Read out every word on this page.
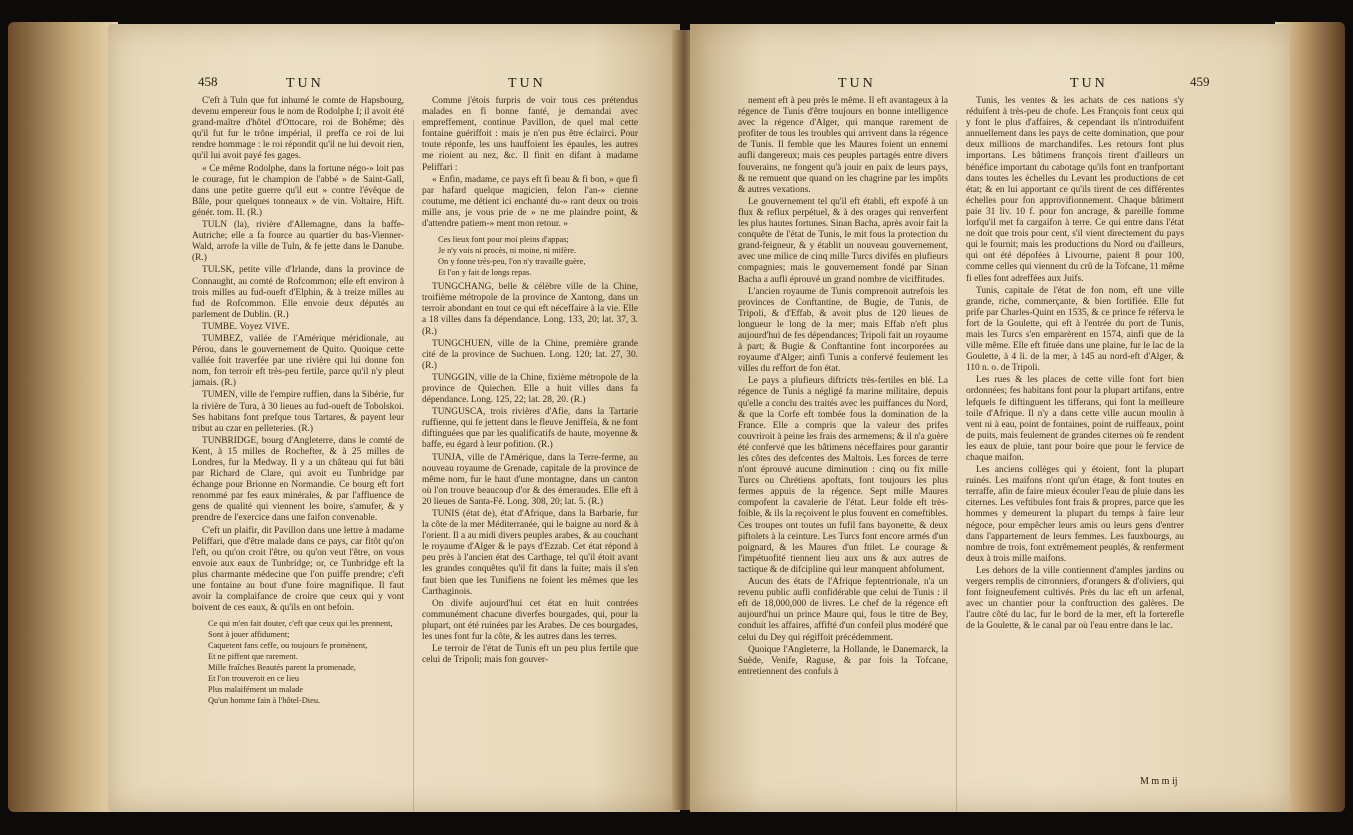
458	TUN	TUN

C'eft à Tuln que fut inhumé le comte de Hapsbourg, devenu empereur fous le nom de Rodolphe I; il avoit été grand-maître d'hôtel d'Ottocare, roi de Bohême; dès qu'il fut fur le trône impérial, il preffa ce roi de lui rendre hommage : le roi répondit qu'il ne lui devoit rien, qu'il lui avoit payé fes gages.

« Ce même Rodolphe, dans la fortune négo-» loit pas le courage, fut le champion de l'abbé » de Saint-Gall, dans une petite guerre qu'il eut » contre l'évêque de Bâle, pour quelques tonneaux » de vin. Voltaire, Hift. génér. tom. II. (R.)

TULN (la), rivière d'Allemagne, dans la baffe-Autriche; elle a fa fource au quartier du bas-Vienner-Wald, arrofe la ville de Tuln, & fe jette dans le Danube. (R.)

TULSK, petite ville d'Irlande, dans la province de Connaught, au comté de Rofcommon; elle eft environ à trois milles au fud-oueft d'Elphin, & à treize milles au fud de Rofcommon. Elle envoie deux députés au parlement de Dublin. (R.)

TUMBE. Voyez VIVE.

TUMBEZ, vallée de l'Amérique méridionale, au Pérou, dans le gouvernement de Quito. Quoique cette vallée foit traverfée par une rivière qui lui donne fon nom, fon terroir eft très-peu fertile, parce qu'il n'y pleut jamais. (R.)

TUMEN, ville de l'empire ruffien, dans la Sibérie, fur la rivière de Tura, à 30 lieues au fud-oueft de Tobolskoi. Ses habitans font prefque tous Tartares, & payent leur tribut au czar en pelleteries. (R.)

TUNBRIDGE, bourg d'Angleterre, dans le comté de Kent, à 15 milles de Rochefter, & à 25 milles de Londres, fur la Medway. Il y a un château qui fut bâti par Richard de Clare, qui avoit eu Tunbridge par échange pour Brionne en Normandie. Ce bourg eft fort renommé par fes eaux minérales, & par l'affluence de gens de qualité qui viennent les boire, s'amufer, & y prendre de l'exercice dans une faifon convenable.

C'eft un plaifir, dit Pavillon dans une lettre à madame Peliffari, que d'être malade dans ce pays, car fitôt qu'on l'eft, ou qu'on croit l'être, ou qu'on veut l'être, on vous envoie aux eaux de Tunbridge; or, ce Tunbridge eft la plus charmante médecine que l'on puiffe prendre; c'eft une fontaine au bout d'une foire magnifique. Il faut avoir la complaifance de croire que ceux qui y vont boivent de ces eaux, & qu'ils en ont befoin.

Ce qui m'en fait douter, c'eft que ceux qui les prennent,
Sont à jouer affidument;
Caquetent fans ceffe, ou toujours fe promènent,
Et ne piffent que rarement.
Mille fraîches Beautés parent la promenade,
Et l'on trouveroit en ce lieu
Plus malaifément un malade
Qu'un homme fain à l'hôtel-Dieu.

Comme j'étois furpris de voir tous ces prétendus malades en fi bonne fanté, je demandai avec empreffement, continue Pavillon, de quel mal cette fontaine guériffoit : mais je n'en pus être éclairci. Pour toute réponfe, les uns hauffoient les épaules, les autres me rioient au nez, &c. Il finit en difant à madame Peliffari :

« Enfin, madame, ce pays eft fi beau & fi bon, » que fi par hafard quelque magicien, felon l'an-» cienne coutume, me détient ici enchanté du-» rant deux ou trois mille ans, je vous prie de » ne me plaindre point, & d'attendre patiem-» ment mon retour. »

Ces lieux font pour moi pleins d'appas;
Je n'y vois ni procès, ni moine, ni mifère.
On y fonne très-peu, l'on n'y travaille guère,
Et l'on y fait de longs repas.

TUNGCHANG, belle & célèbre ville de la Chine, troifième métropole de la province de Xantong, dans un terroir abondant en tout ce qui eft néceffaire à la vie. Elle a 18 villes dans fa dépendance. Long. 133, 20; lat. 37, 3. (R.)

TUNGCHUEN, ville de la Chine, première grande cité de la province de Suchuen. Long. 120; lat. 27, 30. (R.)

TUNGGIN, ville de la Chine, fixième métropole de la province de Quiechen. Elle a huit villes dans fa dépendance. Long. 125, 22; lat. 28, 20. (R.)

TUNGUSCA, trois rivières d'Afie, dans la Tartarie ruffienne, qui fe jettent dans le fleuve Jeniffeïa, & ne font diftinguées que par les qualificatifs de haute, moyenne & baffe, eu égard à leur pofition. (R.)

TUNJA, ville de l'Amérique, dans la Terre-ferme, au nouveau royaume de Grenade, capitale de la province de même nom, fur le haut d'une montagne, dans un canton où l'on trouve beaucoup d'or & des émeraudes. Elle eft à 20 lieues de Santa-Fé. Long. 308, 20; lat. 5. (R.)

TUNIS (état de), état d'Afrique, dans la Barbarie, fur la côte de la mer Méditerranée, qui le baigne au nord & à l'orient. Il a au midi divers peuples arabes, & au couchant le royaume d'Alger & le pays d'Ezzab. Cet état répond à peu près à l'ancien état des Carthage, tel qu'il étoit avant les grandes conquêtes qu'il fit dans la fuite; mais il s'en faut bien que les Tunifiens ne foient les mêmes que les Carthaginois.

On divife aujourd'hui cet état en huit contrées communément chacune diverfes bourgades, qui, pour la plupart, ont été ruinées par les Arabes. De ces bourgades, les unes font fur la côte, & les autres dans les terres.

Le terroir de l'état de Tunis eft un peu plus fertile que celui de Tripoli; mais fon gouver-

TUN	TUN	459

nement eft à peu près le même. Il eft avantageux à la régence de Tunis d'être toujours en bonne intelligence avec la régence d'Alger, qui manque rarement de profiter de tous les troubles qui arrivent dans la régence de Tunis. Il femble que les Maures foient un ennemi aufli dangereux; mais ces peuples partagés entre divers fouverains, ne fongent qu'à jouir en paix de leurs pays, & ne remuent que quand on les chagrine par les impôts & autres vexations.

Le gouvernement tel qu'il eft établi, eft expofé à un flux & reflux perpétuel, & à des orages qui renverfent les plus hautes fortunes. Sinan Bacha, après avoir fait la conquête de l'état de Tunis, le mit fous la protection du grand-feigneur, & y établit un nouveau gouvernement, avec une milice de cinq mille Turcs divifés en plufieurs compagnies; mais le gouvernement fondé par Sinan Bacha a aufli éprouvé un grand nombre de viciffitudes.

L'ancien royaume de Tunis comprenoit autrefois les provinces de Conftantine, de Bugie, de Tunis, de Tripoli, & d'Effab, & avoit plus de 120 lieues de longueur le long de la mer; mais Effab n'eft plus aujourd'hui de fes dépendances; Tripoli fait un royaume à part; & Bugie & Conftantine font incorporées au royaume d'Alger; ainfi Tunis a confervé feulement les villes du reffort de fon état.

Le pays a plufieurs diftricts très-fertiles en blé. La régence de Tunis a négligé fa marine militaire, depuis qu'elle a conclu des traités avec les puiffances du Nord, & que la Corfe eft tombée fous la domination de la France. Elle a compris que la valeur des prifes couvriroit à peine les frais des armemens; & il n'a guère été confervé que les bâtimens néceffaires pour garantir les côtes des defcentes des Maltois. Les forces de terre n'ont éprouvé aucune diminution : cinq ou fix mille Turcs ou Chrétiens apoftats, font toujours les plus fermes appuis de la régence. Sept mille Maures compofent la cavalerie de l'état. Leur folde eft très-foible, & ils la reçoivent le plus fouvent en comeftibles. Ces troupes ont toutes un fufil fans bayonette, & deux piftolets à la ceinture. Les Turcs font encore armés d'un poignard, & les Maures d'un ftilet. Le courage & l'impétuofité tiennent lieu aux uns & aux autres de tactique & de difcipline qui leur manquent abfolument.

Aucun des états de l'Afrique feptentrionale, n'a un revenu public aufli confidérable que celui de Tunis : il eft de 18,000,000 de livres. Le chef de la régence eft aujourd'hui un prince Maure qui, fous le titre de Bey, conduit les affaires, affifté d'un confeil plus modéré que celui du Dey qui régiffoit précédemment.

Quoique l'Angleterre, la Hollande, le Danemarck, la Suède, Venife, Raguse, & par fois la Tofcane, entretiennent des confuls à

Tunis, les ventes & les achats de ces nations s'y réduifent à très-peu de chofe. Les François font ceux qui y font le plus d'affaires, & cependant ils n'introduifent annuellement dans les pays de cette domination, que pour deux millions de marchandifes. Les retours font plus importans. Les bâtimens françois tirent d'ailleurs un bénéfice important du cabotage qu'ils font en tranfportant dans toutes les échelles du Levant les productions de cet état; & en lui apportant ce qu'ils tirent de ces différentes échelles pour fon approvifionnement. Chaque bâtiment paie 31 liv. 10 f. pour fon ancrage, & pareille fomme lorfqu'il met fa cargaifon à terre. Ce qui entre dans l'état ne doit que trois pour cent, s'il vient directement du pays qui le fournit; mais les productions du Nord ou d'ailleurs, qui ont été dépofées à Livourne, paient 8 pour 100, comme celles qui viennent du crû de la Tofcane, 11 même fi elles font adreffées aux Juifs.

Tunis, capitale de l'état de fon nom, eft une ville grande, riche, commerçante, & bien fortifiée. Elle fut prife par Charles-Quint en 1535, & ce prince fe réferva le fort de la Goulette, qui eft à l'entrée du port de Tunis, mais les Turcs s'en emparèrent en 1574, ainfi que de la ville même. Elle eft fituée dans une plaine, fur le lac de la Goulette, à 4 li. de la mer, à 145 au nord-eft d'Alger, & 110 n. o. de Tripoli.

Les rues & les places de cette ville font fort bien ordonnées; fes habitans font pour la plupart artifans, entre lefquels fe diftinguent les tifferans, qui font la meilleure toile d'Afrique. Il n'y a dans cette ville aucun moulin à vent ni à eau, point de fontaines, point de ruiffeaux, point de puits, mais feulement de grandes citernes où fe rendent les eaux de pluie, tant pour boire que pour le fervice de chaque maifon.

Les anciens collèges qui y étoient, font la plupart ruinés. Les maifons n'ont qu'un étage, & font toutes en terraffe, afin de faire mieux écouler l'eau de pluie dans les citernes. Les veftibules font frais & propres, parce que les hommes y demeurent la plupart du temps à faire leur négoce, pour empêcher leurs amis ou leurs gens d'entrer dans l'appartement de leurs femmes. Les fauxbourgs, au nombre de trois, font extrêmement peuplés, & renferment deux à trois mille maifons.

Les dehors de la ville contiennent d'amples jardins ou vergers remplis de citronniers, d'orangers & d'oliviers, qui font foigneufement cultivés. Près du lac eft un arfenal, avec un chantier pour la conftruction des galères. De l'autre côté du lac, fur le bord de la mer, eft la forterefle de la Goulette, & le canal par où l'eau entre dans le lac.

M m m ij
